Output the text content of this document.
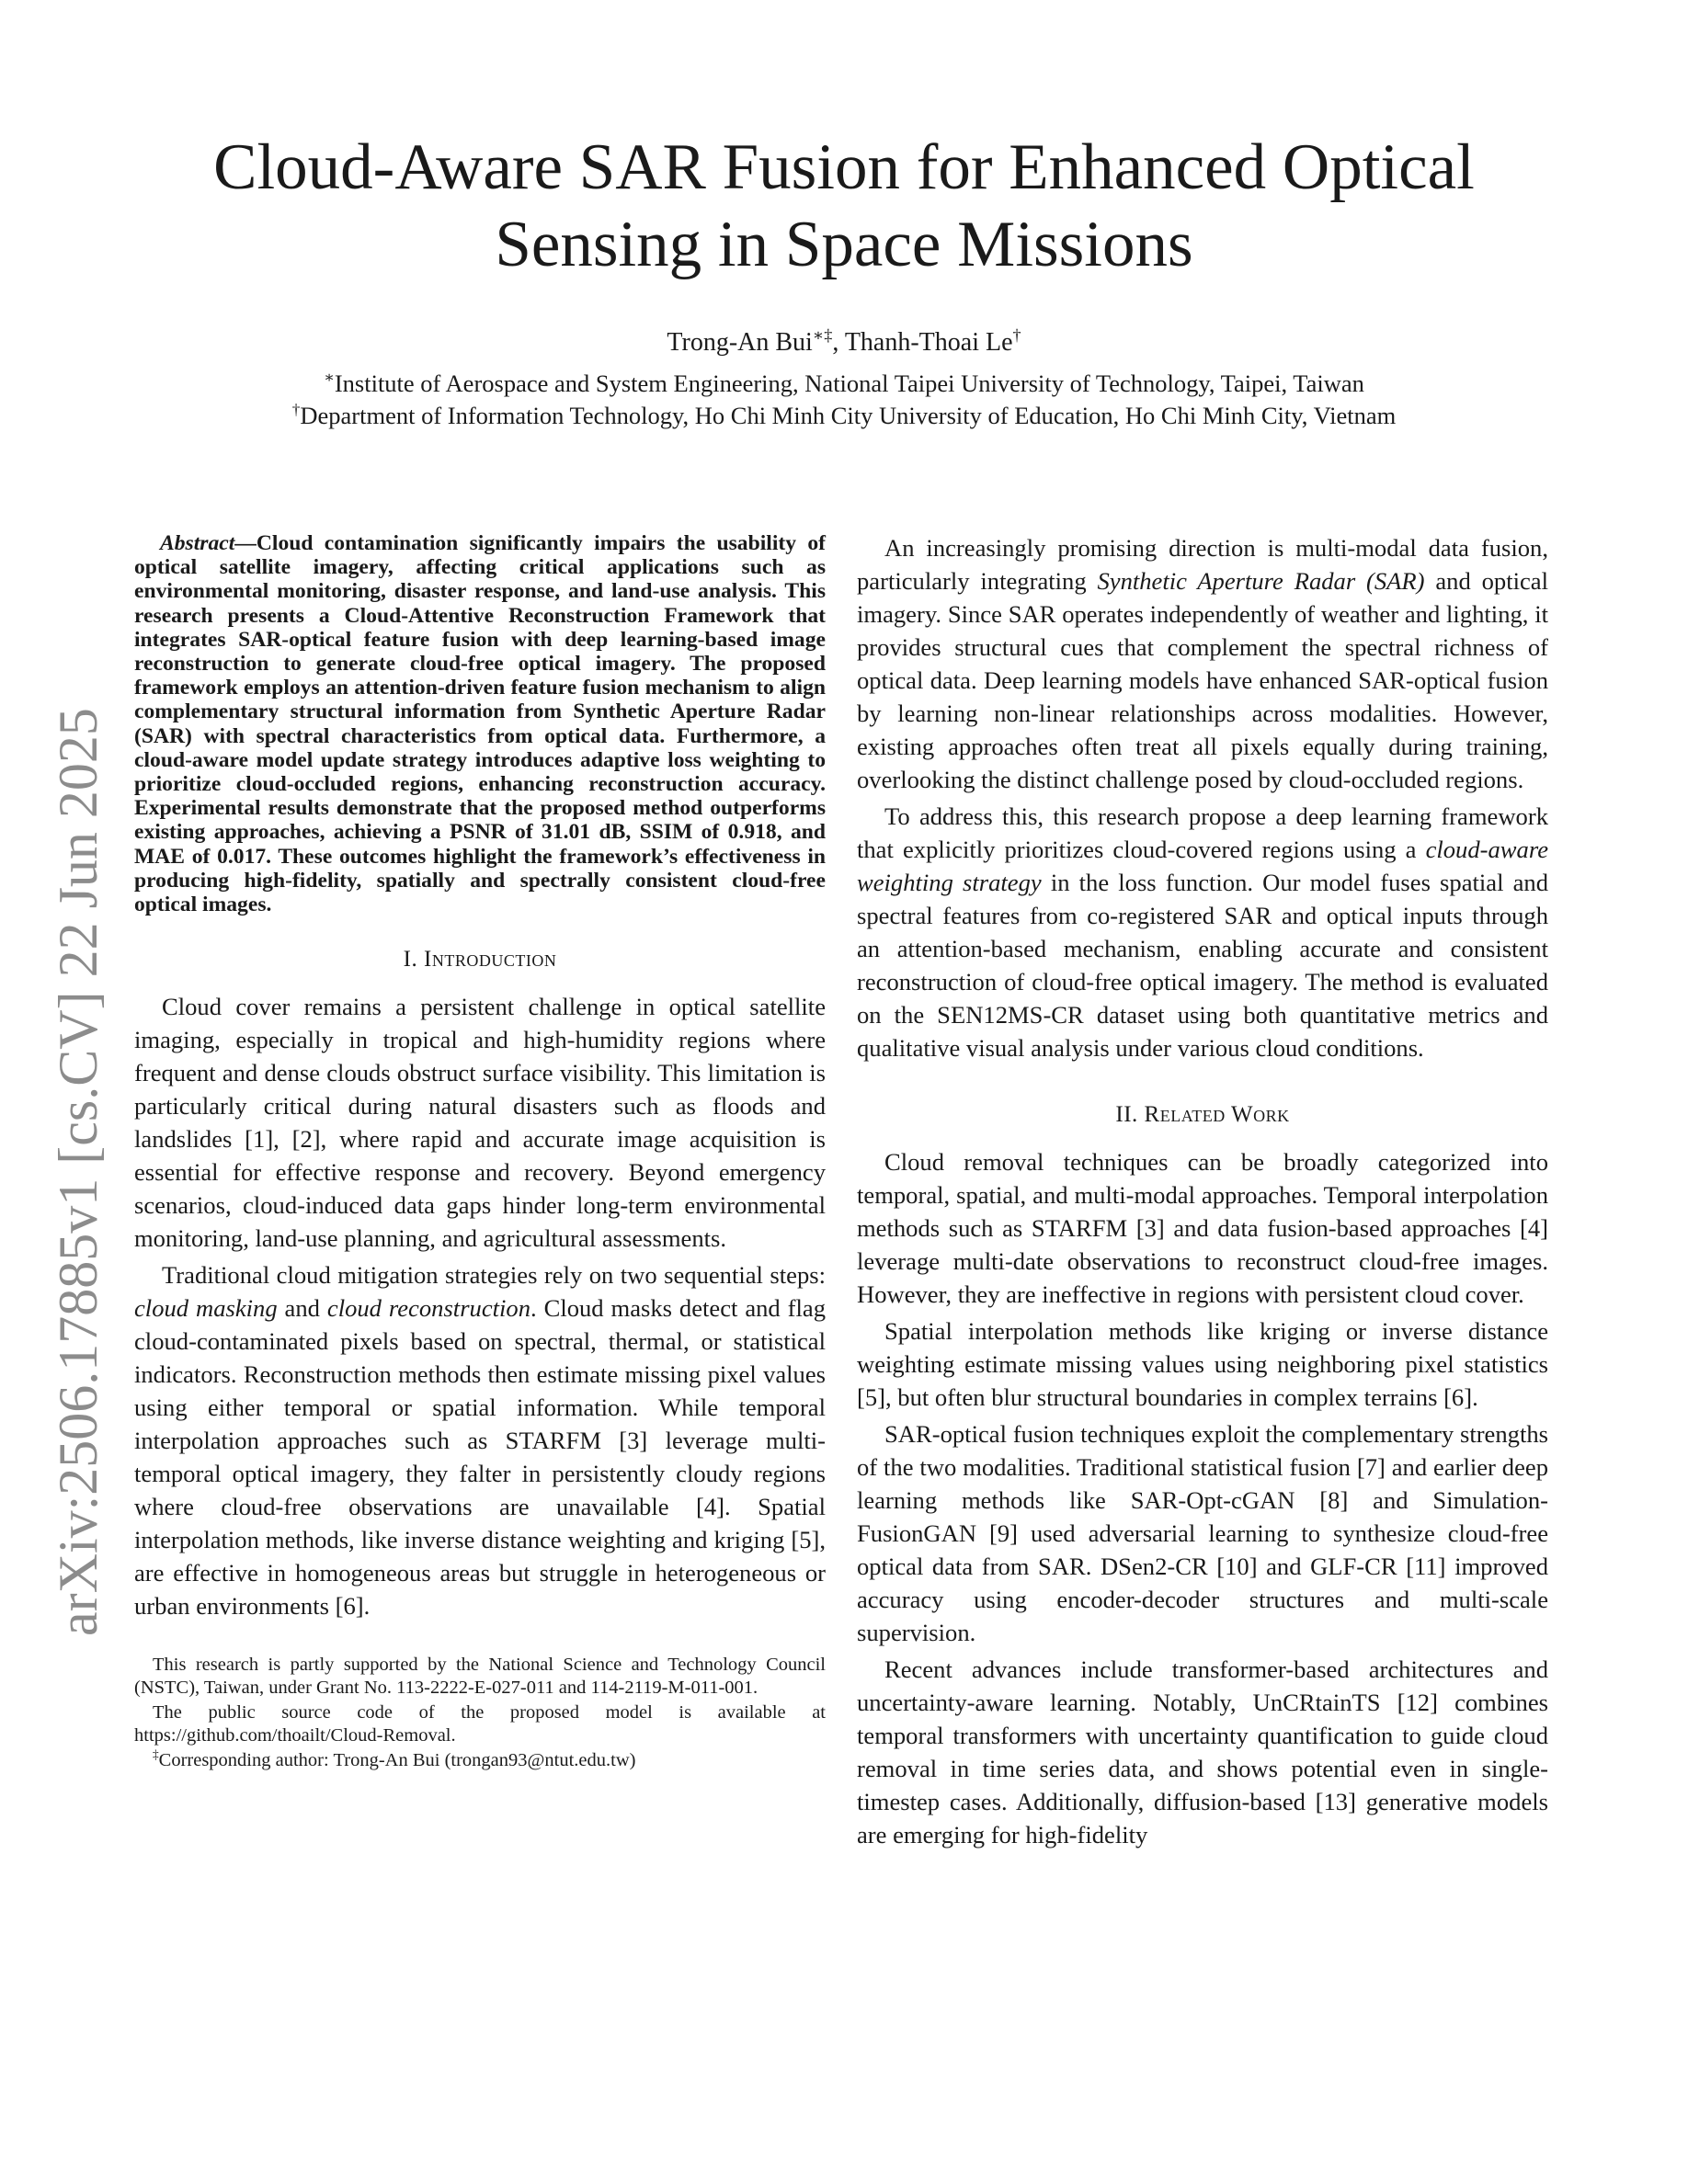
arXiv:2506.17885v1 [cs.CV] 22 Jun 2025
Cloud-Aware SAR Fusion for Enhanced Optical Sensing in Space Missions
Trong-An Bui∗‡, Thanh-Thoai Le†
∗Institute of Aerospace and System Engineering, National Taipei University of Technology, Taipei, Taiwan
†Department of Information Technology, Ho Chi Minh City University of Education, Ho Chi Minh City, Vietnam

Abstract—Cloud contamination significantly impairs the usability of optical satellite imagery, affecting critical applications such as environmental monitoring, disaster response, and land-use analysis. This research presents a Cloud-Attentive Reconstruction Framework that integrates SAR-optical feature fusion with deep learning-based image reconstruction to generate cloud-free optical imagery. The proposed framework employs an attention-driven feature fusion mechanism to align complementary structural information from Synthetic Aperture Radar (SAR) with spectral characteristics from optical data. Furthermore, a cloud-aware model update strategy introduces adaptive loss weighting to prioritize cloud-occluded regions, enhancing reconstruction accuracy. Experimental results demonstrate that the proposed method outperforms existing approaches, achieving a PSNR of 31.01 dB, SSIM of 0.918, and MAE of 0.017. These outcomes highlight the framework’s effectiveness in producing high-fidelity, spatially and spectrally consistent cloud-free optical images.

I. Introduction

Cloud cover remains a persistent challenge in optical satellite imaging, especially in tropical and high-humidity regions where frequent and dense clouds obstruct surface visibility. This limitation is particularly critical during natural disasters such as floods and landslides [1], [2], where rapid and accurate image acquisition is essential for effective response and recovery. Beyond emergency scenarios, cloud-induced data gaps hinder long-term environmental monitoring, land-use planning, and agricultural assessments.

Traditional cloud mitigation strategies rely on two sequential steps: cloud masking and cloud reconstruction. Cloud masks detect and flag cloud-contaminated pixels based on spectral, thermal, or statistical indicators. Reconstruction methods then estimate missing pixel values using either temporal or spatial information. While temporal interpolation approaches such as STARFM [3] leverage multi-temporal optical imagery, they falter in persistently cloudy regions where cloud-free observations are unavailable [4]. Spatial interpolation methods, like inverse distance weighting and kriging [5], are effective in homogeneous areas but struggle in heterogeneous or urban environments [6].

This research is partly supported by the National Science and Technology Council (NSTC), Taiwan, under Grant No. 113-2222-E-027-011 and 114-2119-M-011-001.

The public source code of the proposed model is available at https://github.com/thoailt/Cloud-Removal.

‡Corresponding author: Trong-An Bui (trongan93@ntut.edu.tw)

An increasingly promising direction is multi-modal data fusion, particularly integrating Synthetic Aperture Radar (SAR) and optical imagery. Since SAR operates independently of weather and lighting, it provides structural cues that complement the spectral richness of optical data. Deep learning models have enhanced SAR-optical fusion by learning non-linear relationships across modalities. However, existing approaches often treat all pixels equally during training, overlooking the distinct challenge posed by cloud-occluded regions.

To address this, this research propose a deep learning framework that explicitly prioritizes cloud-covered regions using a cloud-aware weighting strategy in the loss function. Our model fuses spatial and spectral features from co-registered SAR and optical inputs through an attention-based mechanism, enabling accurate and consistent reconstruction of cloud-free optical imagery. The method is evaluated on the SEN12MS-CR dataset using both quantitative metrics and qualitative visual analysis under various cloud conditions.

II. Related Work

Cloud removal techniques can be broadly categorized into temporal, spatial, and multi-modal approaches. Temporal interpolation methods such as STARFM [3] and data fusion-based approaches [4] leverage multi-date observations to reconstruct cloud-free images. However, they are ineffective in regions with persistent cloud cover.

Spatial interpolation methods like kriging or inverse distance weighting estimate missing values using neighboring pixel statistics [5], but often blur structural boundaries in complex terrains [6].

SAR-optical fusion techniques exploit the complementary strengths of the two modalities. Traditional statistical fusion [7] and earlier deep learning methods like SAR-Opt-cGAN [8] and Simulation-FusionGAN [9] used adversarial learning to synthesize cloud-free optical data from SAR. DSen2-CR [10] and GLF-CR [11] improved accuracy using encoder-decoder structures and multi-scale supervision.

Recent advances include transformer-based architectures and uncertainty-aware learning. Notably, UnCRtainTS [12] combines temporal transformers with uncertainty quantification to guide cloud removal in time series data, and shows potential even in single-timestep cases. Additionally, diffusion-based [13] generative models are emerging for high-fidelity
